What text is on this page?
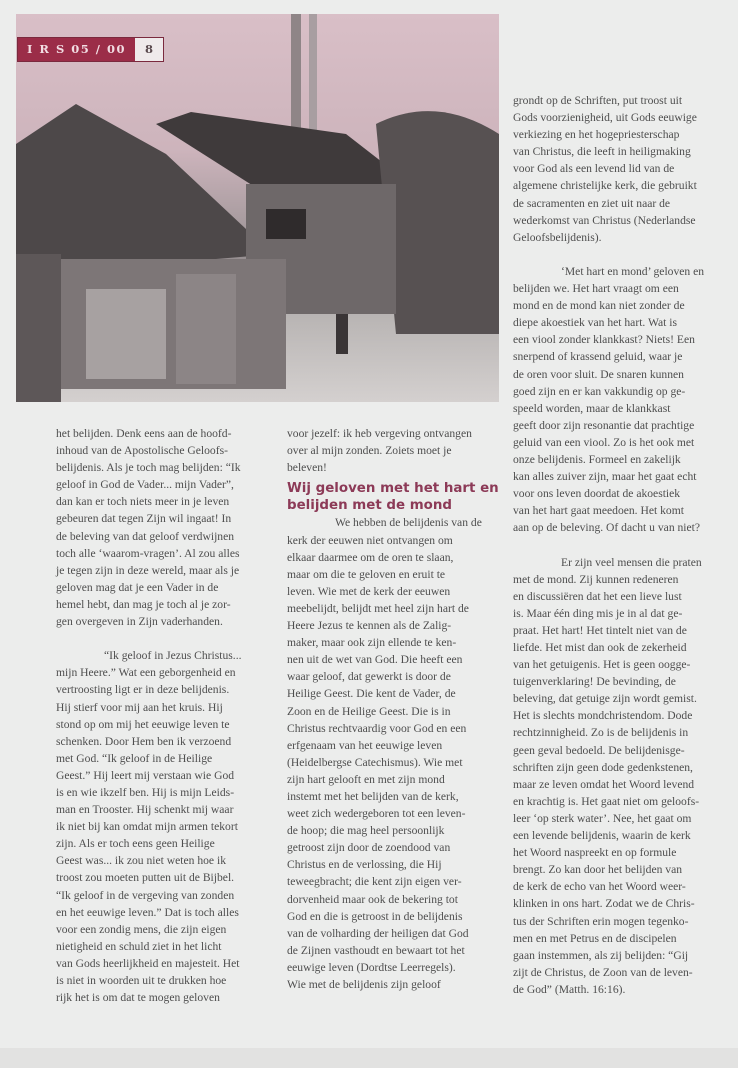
I R S 05 / 00	8
het belijden. Denk eens aan de hoofd-
inhoud van de Apostolische Geloofs-
belijdenis. Als je toch mag belijden: “Ik
geloof in God de Vader... mijn Vader”,
dan kan er toch niets meer in je leven
gebeuren dat tegen Zijn wil ingaat! In
de beleving van dat geloof verdwijnen
toch alle ‘waarom-vragen’. Al zou alles
je tegen zijn in deze wereld, maar als je
geloven mag dat je een Vader in de
hemel hebt, dan mag je toch al je zor-
gen overgeven in Zijn vaderhanden.
“Ik geloof in Jezus Christus...
mijn Heere.” Wat een geborgenheid en
vertroosting ligt er in deze belijdenis.
Hij stierf voor mij aan het kruis. Hij
stond op om mij het eeuwige leven te
schenken. Door Hem ben ik verzoend
met God. “Ik geloof in de Heilige
Geest.” Hij leert mij verstaan wie God
is en wie ikzelf ben. Hij is mijn Leids-
man en Trooster. Hij schenkt mij waar
ik niet bij kan omdat mijn armen tekort
zijn. Als er toch eens geen Heilige
Geest was... ik zou niet weten hoe ik
troost zou moeten putten uit de Bijbel.
“Ik geloof in de vergeving van zonden
en het eeuwige leven.” Dat is toch alles
voor een zondig mens, die zijn eigen
nietigheid en schuld ziet in het licht
van Gods heerlijkheid en majesteit. Het
is niet in woorden uit te drukken hoe
rijk het is om dat te mogen geloven
voor jezelf: ik heb vergeving ontvangen
over al mijn zonden. Zoiets moet je
beleven!
Wij geloven met het hart en
belijden met de mond
We hebben de belijdenis van de
kerk der eeuwen niet ontvangen om
elkaar daarmee om de oren te slaan,
maar om die te geloven en eruit te
leven. Wie met de kerk der eeuwen
meebelijdt, belijdt met heel zijn hart de
Heere Jezus te kennen als de Zalig-
maker, maar ook zijn ellende te ken-
nen uit de wet van God. Die heeft een
waar geloof, dat gewerkt is door de
Heilige Geest. Die kent de Vader, de
Zoon en de Heilige Geest. Die is in
Christus rechtvaardig voor God en een
erfgenaam van het eeuwige leven
(Heidelbergse Catechismus). Wie met
zijn hart gelooft en met zijn mond
instemt met het belijden van de kerk,
weet zich wedergeboren tot een leven-
de hoop; die mag heel persoonlijk
getroost zijn door de zoendood van
Christus en de verlossing, die Hij
teweegbracht; die kent zijn eigen ver-
dorvenheid maar ook de bekering tot
God en die is getroost in de belijdenis
van de volharding der heiligen dat God
de Zijnen vasthoudt en bewaart tot het
eeuwige leven (Dordtse Leerregels).
Wie met de belijdenis zijn geloof
grondt op de Schriften, put troost uit
Gods voorzienigheid, uit Gods eeuwige
verkiezing en het hogepriesterschap
van Christus, die leeft in heiligmaking
voor God als een levend lid van de
algemene christelijke kerk, die gebruikt
de sacramenten en ziet uit naar de
wederkomst van Christus (Nederlandse
Geloofsbelijdenis).
‘Met hart en mond’ geloven en
belijden we. Het hart vraagt om een
mond en de mond kan niet zonder de
diepe akoestiek van het hart. Wat is
een viool zonder klankkast? Niets! Een
snerpend of krassend geluid, waar je
de oren voor sluit. De snaren kunnen
goed zijn en er kan vakkundig op ge-
speeld worden, maar de klankkast
geeft door zijn resonantie dat prachtige
geluid van een viool. Zo is het ook met
onze belijdenis. Formeel en zakelijk
kan alles zuiver zijn, maar het gaat echt
voor ons leven doordat de akoestiek
van het hart gaat meedoen. Het komt
aan op de beleving. Of dacht u van niet?
Er zijn veel mensen die praten
met de mond. Zij kunnen redeneren
en discussiëren dat het een lieve lust
is. Maar één ding mis je in al dat ge-
praat. Het hart! Het tintelt niet van de
liefde. Het mist dan ook de zekerheid
van het getuigenis. Het is geen oogge-
tuigenverklaring! De bevinding, de
beleving, dat getuige zijn wordt gemist.
Het is slechts mondchristendom. Dode
rechtzinnigheid. Zo is de belijdenis in
geen geval bedoeld. De belijdenisge-
schriften zijn geen dode gedenkstenen,
maar ze leven omdat het Woord levend
en krachtig is. Het gaat niet om geloofs-
leer ‘op sterk water’. Nee, het gaat om
een levende belijdenis, waarin de kerk
het Woord naspreekt en op formule
brengt. Zo kan door het belijden van
de kerk de echo van het Woord weer-
klinken in ons hart. Zodat we de Chris-
tus der Schriften erin mogen tegenko-
men en met Petrus en de discipelen
gaan instemmen, als zij belijden: “Gij
zijt de Christus, de Zoon van de leven-
de God” (Matth. 16:16).
